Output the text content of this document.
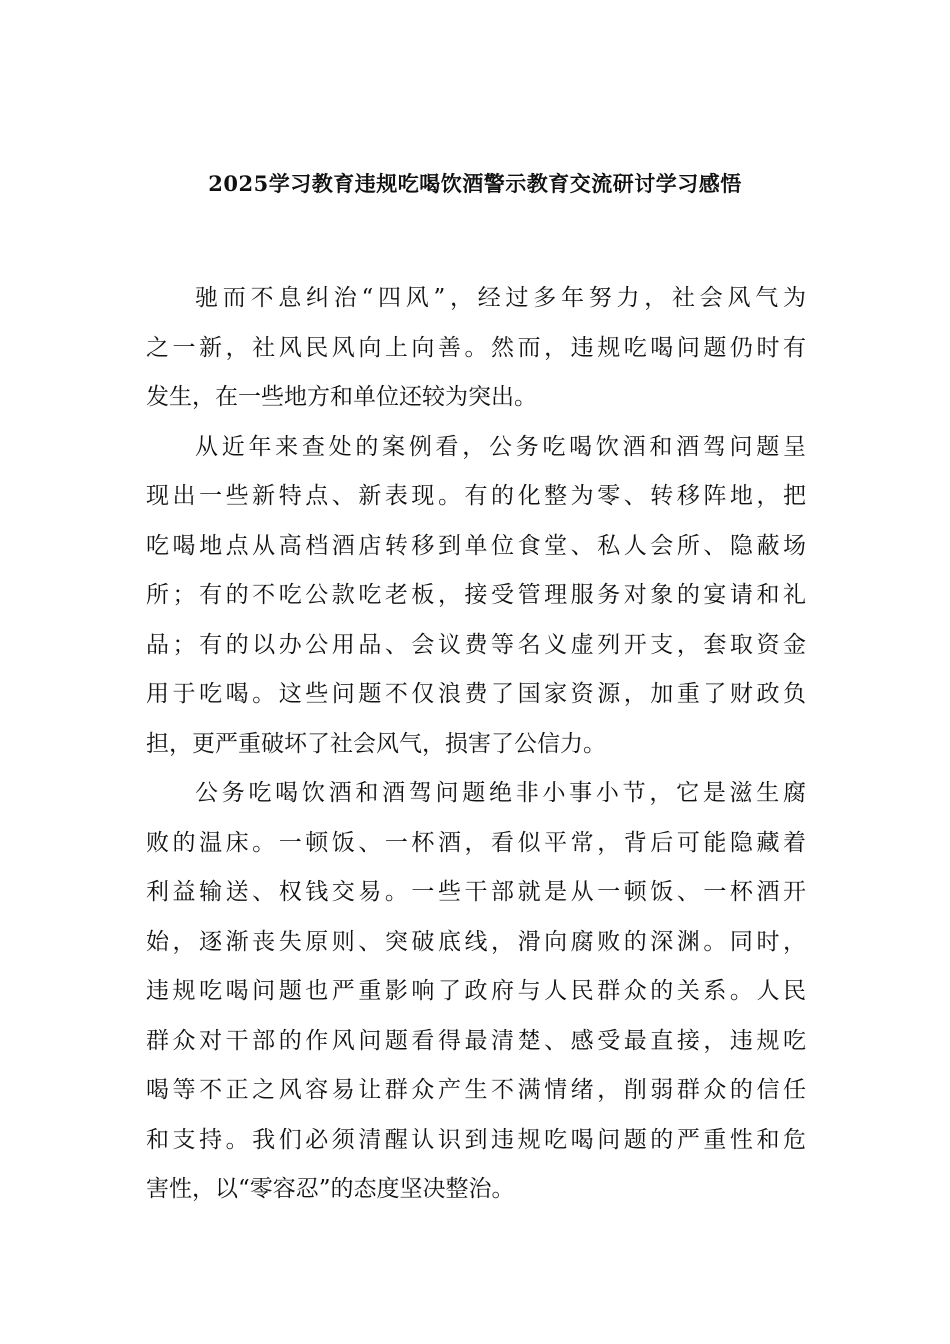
2025学习教育违规吃喝饮酒警示教育交流研讨学习感悟
驰而不息纠治“四风”，经过多年努力，社会风气为
之一新，社风民风向上向善。然而，违规吃喝问题仍时有
发生，在一些地方和单位还较为突出。
从近年来查处的案例看，公务吃喝饮酒和酒驾问题呈
现出一些新特点、新表现。有的化整为零、转移阵地，把
吃喝地点从高档酒店转移到单位食堂、私人会所、隐蔽场
所；有的不吃公款吃老板，接受管理服务对象的宴请和礼
品；有的以办公用品、会议费等名义虚列开支，套取资金
用于吃喝。这些问题不仅浪费了国家资源，加重了财政负
担，更严重破坏了社会风气，损害了公信力。
公务吃喝饮酒和酒驾问题绝非小事小节，它是滋生腐
败的温床。一顿饭、一杯酒，看似平常，背后可能隐藏着
利益输送、权钱交易。一些干部就是从一顿饭、一杯酒开
始，逐渐丧失原则、突破底线，滑向腐败的深渊。同时，
违规吃喝问题也严重影响了政府与人民群众的关系。人民
群众对干部的作风问题看得最清楚、感受最直接，违规吃
喝等不正之风容易让群众产生不满情绪，削弱群众的信任
和支持。我们必须清醒认识到违规吃喝问题的严重性和危
害性，以“零容忍”的态度坚决整治。
